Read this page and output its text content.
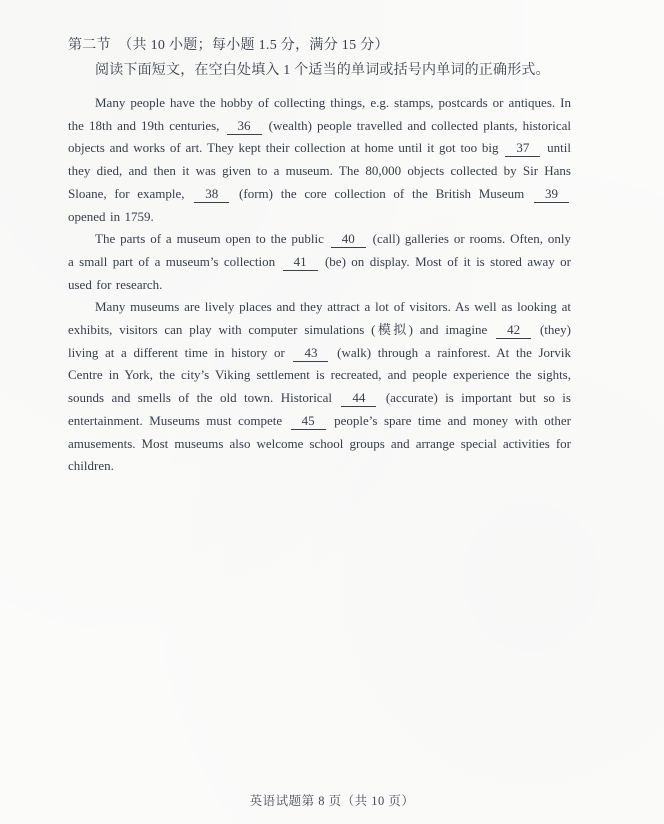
第二节　（共 10 小题；每小题 1.5 分，满分 15 分）
阅读下面短文，在空白处填入 1 个适当的单词或括号内单词的正确形式。

Many people have the hobby of collecting things, e.g. stamps, postcards or antiques. In the 18th and 19th centuries, 36 (wealth) people travelled and collected plants, historical objects and works of art. They kept their collection at home until it got too big 37 until they died, and then it was given to a museum. The 80,000 objects collected by Sir Hans Sloane, for example, 38 (form) the core collection of the British Museum 39 opened in 1759.

The parts of a museum open to the public 40 (call) galleries or rooms. Often, only a small part of a museum’s collection 41 (be) on display. Most of it is stored away or used for research.

Many museums are lively places and they attract a lot of visitors. As well as looking at exhibits, visitors can play with computer simulations (模拟) and imagine 42 (they) living at a different time in history or 43 (walk) through a rainforest. At the Jorvik Centre in York, the city’s Viking settlement is recreated, and people experience the sights, sounds and smells of the old town. Historical 44 (accurate) is important but so is entertainment. Museums must compete 45 people’s spare time and money with other amusements. Most museums also welcome school groups and arrange special activities for children.

英语试题第 8 页（共 10 页）
